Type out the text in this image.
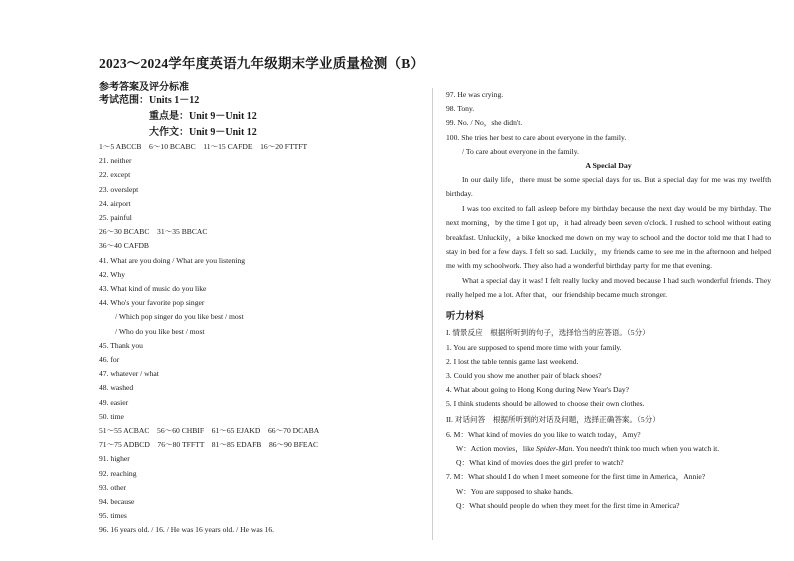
2023～2024学年度英语九年级期末学业质量检测（B）
参考答案及评分标准
考试范围：Units 1－12
重点是：Unit 9－Unit 12
大作文：Unit 9－Unit 12
1～5 ABCCB　6～10 BCABC　11～15 CAFDE　16～20 FTTFT
21. neither
22. except
23. overslept
24. airport
25. painful
26～30 BCABC　31～35 BBCAC
36～40 CAFDB
41. What are you doing / What are you listening
42. Why
43. What kind of music do you like
44. Who's your favorite pop singer
/ Which pop singer do you like best / most
/ Who do you like best / most
45. Thank you
46. for
47. whatever / what
48. washed
49. easier
50. time
51～55 ACBAC　56～60 CHBIF　61～65 EJAKD　66～70 DCABA
71～75 ADBCD　76～80 TFFTT　81～85 EDAFB　86～90 BFEAC
91. higher
92. reaching
93. other
94. because
95. times
96. 16 years old. / 16. / He was 16 years old. / He was 16.
97. He was crying.
98. Tony.
99. No. / No，she didn't.
100. She tries her best to care about everyone in the family.
/ To care about everyone in the family.
A Special Day

In our daily life，there must be some special days for us. But a special day for me was my twelfth birthday.

I was too excited to fall asleep before my birthday because the next day would be my birthday. The next morning，by the time I got up，it had already been seven o'clock. I rushed to school without eating breakfast. Unluckily，a bike knocked me down on my way to school and the doctor told me that I had to stay in bed for a few days. I felt so sad. Luckily，my friends came to see me in the afternoon and helped me with my schoolwork. They also had a wonderful birthday party for me that evening.

What a special day it was! I felt really lucky and moved because I had such wonderful friends. They really helped me a lot. After that，our friendship became much stronger.

听力材料
I. 情景反应　根据所听到的句子，选择恰当的应答语。（5分）
1. You are supposed to spend more time with your family.
2. I lost the table tennis game last weekend.
3. Could you show me another pair of black shoes?
4. What about going to Hong Kong during New Year's Day?
5. I think students should be allowed to choose their own clothes.
II. 对话问答　根据所听到的对话及问题，选择正确答案。（5分）
6. M：What kind of movies do you like to watch today，Amy?
W：Action movies，like Spider-Man. You needn't think too much when you watch it.
Q：What kind of movies does the girl prefer to watch?
7. M：What should I do when I meet someone for the first time in America，Annie?
W：You are supposed to shake hands.
Q：What should people do when they meet for the first time in America?
